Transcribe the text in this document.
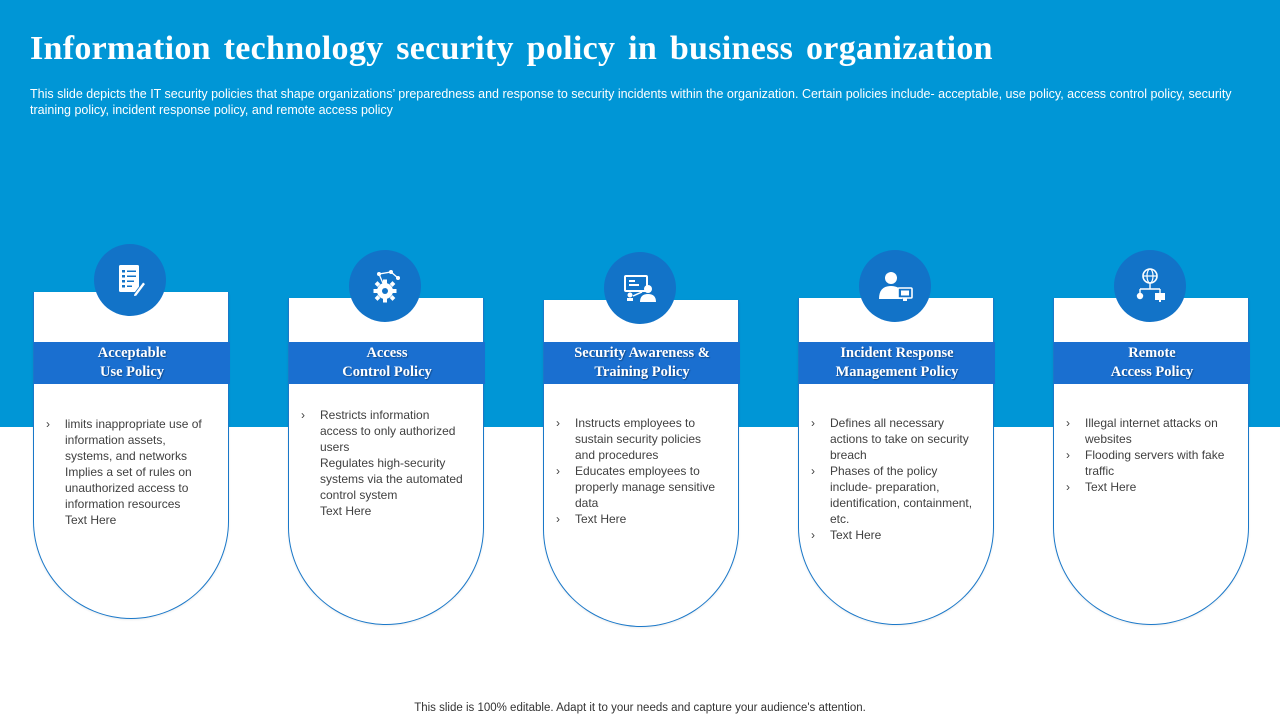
Information technology security policy in business organization

This slide depicts the IT security policies that shape organizations’ preparedness and response to security incidents within the organization. Certain policies include- acceptable, use policy, access control policy, security training policy, incident response policy, and remote access policy

Acceptable
Use Policy
› limits inappropriate use of information assets, systems, and networks
Implies a set of rules on unauthorized access to information resources
Text Here
Access
Control Policy
› Restricts information access to only authorized users
Regulates high-security systems via the automated control system
Text Here
Security Awareness &
Training Policy
› Instructs employees to sustain security policies and procedures
› Educates employees to properly manage sensitive data
› Text Here
Incident Response
Management Policy
› Defines all necessary actions to take on security breach
› Phases of the policy include- preparation, identification, containment, etc.
› Text Here
Remote
Access Policy
› Illegal internet attacks on websites
› Flooding servers with fake traffic
› Text Here

This slide is 100% editable. Adapt it to your needs and capture your audience's attention.
